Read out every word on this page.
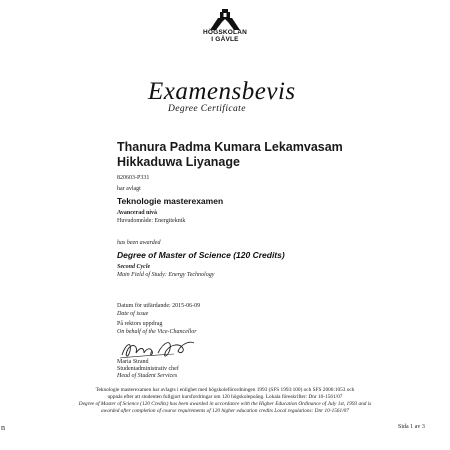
HÖGSKOLAN
I GÄVLE
Examensbevis
Degree Certificate
Thanura Padma Kumara Lekamvasam
Hikkaduwa Liyanage
820603-P331
har avlagt
Teknologie masterexamen
Avancerad nivå
Huvudområde: Energiteknik
has been awarded
Degree of Master of Science (120 Credits)
Second Cycle
Main Field of Study: Energy Technology
Datum för utfärdande: 2015-06-09
Date of issue
På rektors uppdrag
On behalf of the Vice-Chancellor
Maria Strand
Studentadministrativ chef
Head of Student Services
Teknologie masterexamen har avlagts i enlighet med högskoleförordningen 1993 (SFS 1993:100) och SFS 2006:1053 och
uppnås efter att studenten fullgjort kursfordringar om 120 högskolepoäng. Lokala föreskrifter: Dnr 10-1561/07
Degree of Master of Science (120 Credits) has been awarded in accordance with the Higher Education Ordinance of July 1st, 1993 and is
awarded after completion of course requirements of 120 higher education credits Local regulations: Dnr 10-1561/07
Sida 1 av 3
n
